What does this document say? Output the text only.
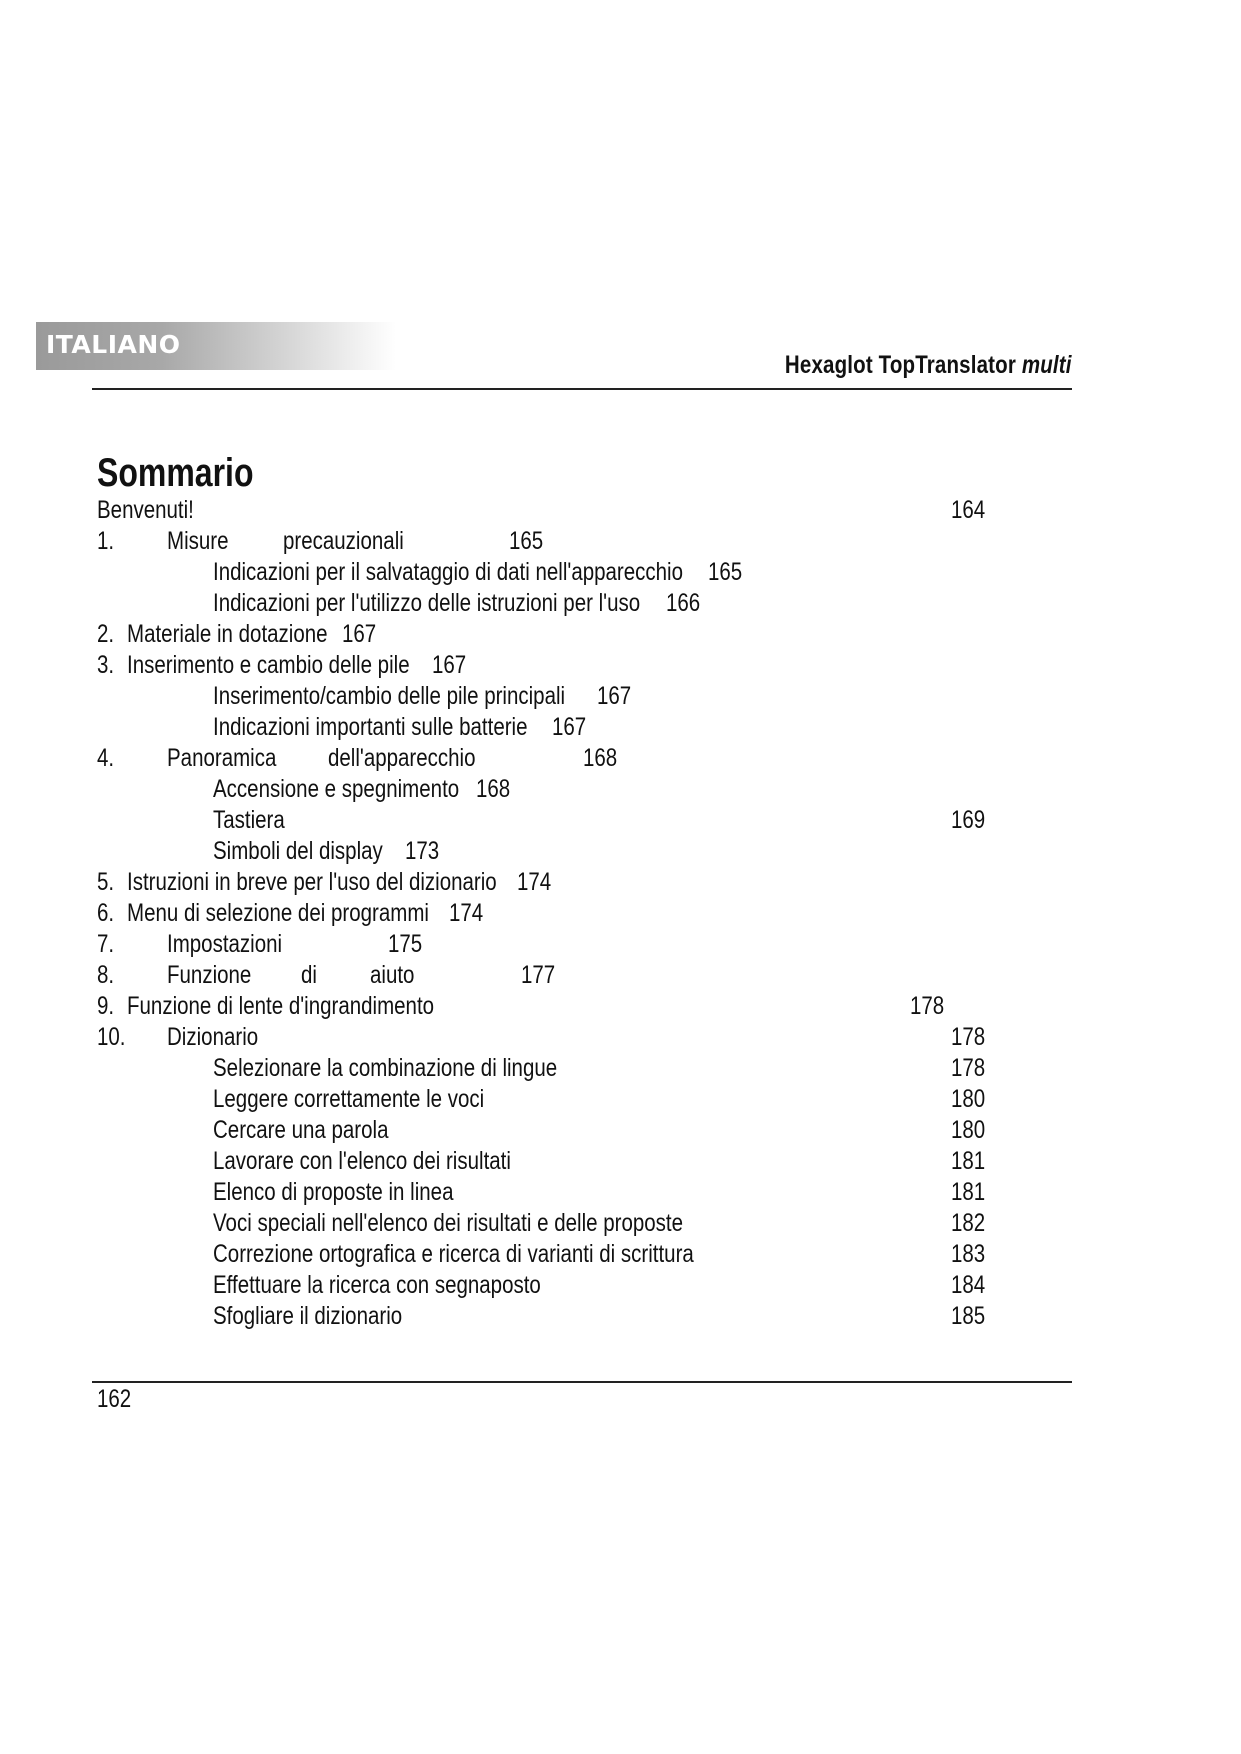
ITALIANO
Hexaglot TopTranslator multi
Sommario
Benvenuti!	164
1. Misure precauzionali	165
Indicazioni per il salvataggio di dati nell'apparecchio 165
Indicazioni per l'utilizzo delle istruzioni per l'uso 166
2. Materiale in dotazione 167
3. Inserimento e cambio delle pile 167
Inserimento/cambio delle pile principali 167
Indicazioni importanti sulle batterie 167
4. Panoramica dell'apparecchio	168
Accensione e spegnimento 168
Tastiera	169
Simboli del display 173
5. Istruzioni in breve per l'uso del dizionario 174
6. Menu di selezione dei programmi 174
7. Impostazioni	175
8. Funzione di aiuto	177
9. Funzione di lente d'ingrandimento	178
10. Dizionario	178
Selezionare la combinazione di lingue	178
Leggere correttamente le voci	180
Cercare una parola	180
Lavorare con l'elenco dei risultati	181
Elenco di proposte in linea	181
Voci speciali nell'elenco dei risultati e delle proposte	182
Correzione ortografica e ricerca di varianti di scrittura	183
Effettuare la ricerca con segnaposto	184
Sfogliare il dizionario	185
162
